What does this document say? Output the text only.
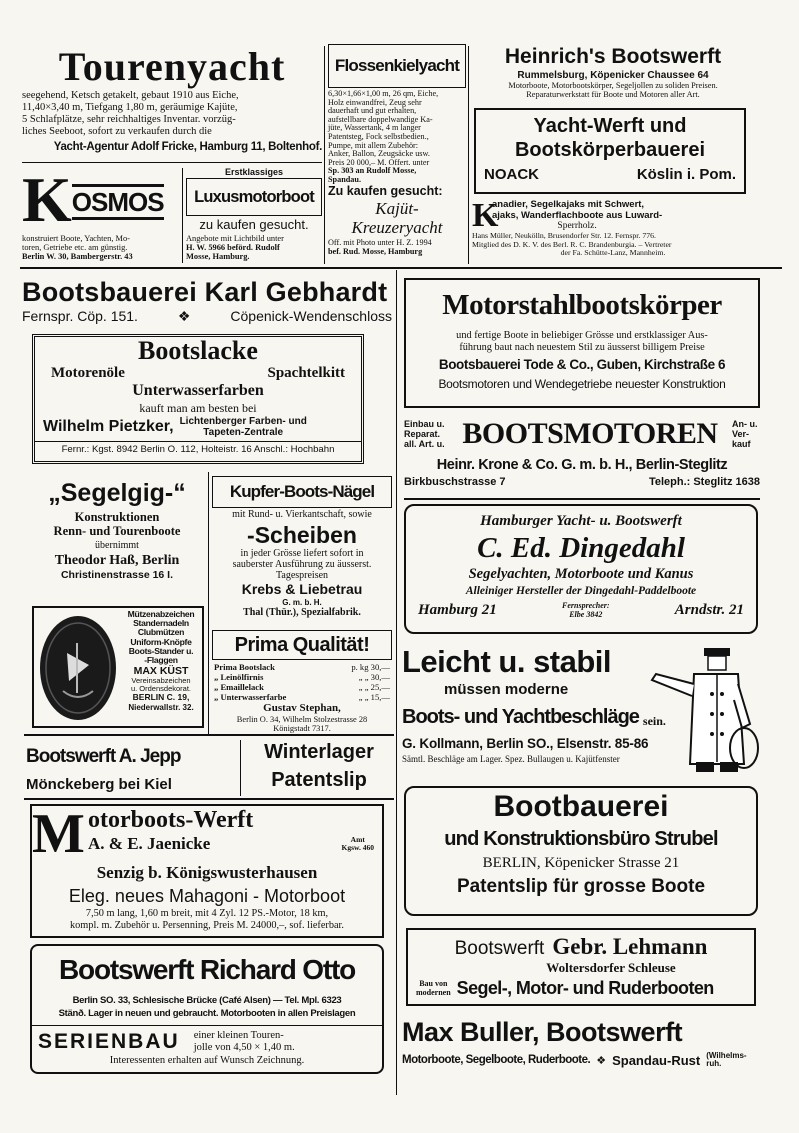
Tourenyacht
seegehend, Ketsch getakelt, gebaut 1910 aus Eiche,
11,40×3,40 m, Tiefgang 1,80 m, geräumige Kajüte,
5 Schlafplätze, sehr reichhaltiges Inventar. vorzüg-
liches Seeboot, sofort zu verkaufen durch die
Yacht-Agentur Adolf Fricke, Hamburg 11, Boltenhof.
Flossenkielyacht
6,30×1,66×1,00 m, 26 qm, Eiche,
Holz einwandfrei, Zeug sehr
dauerhaft und gut erhalten,
aufstellbare doppelwandige Ka-
jüte, Wassertank, 4 m langer
Patentsteg, Fock selbstbedien.,
Pumpe, mit allem Zubehör:
Anker, Ballon, Zeugsäcke usw.
Preis 20 000,– M. Offert. unter
Sp. 303 an Rudolf Mosse,
Spandau.
Heinrich's Bootswerft
Rummelsburg, Köpenicker Chaussee 64
Motorboote, Motorbootskörper, Segeljollen zu soliden Preisen.
Reparaturwerkstatt für Boote und Motoren aller Art.
Yacht-Werft und
Bootskörperbauerei
NOACK	Köslin i. Pom.
K OSMOS
konstruiert Boote, Yachten, Mo-
toren, Getriebe etc. am günstig.
Berlin W. 30, Bambergerstr. 43
Erstklassiges
Luxusmotorboot
zu kaufen gesucht.
Angebote mit Lichtbild unter
H. W. 5966 beförd. Rudolf
Mosse, Hamburg.
Zu kaufen gesucht:
Kajüt-
Kreuzeryacht
Off. mit Photo unter H. Z. 1994
bef. Rud. Mosse, Hamburg
K
anadier, Segelkajaks mit Schwert,
ajaks, Wanderflachboote aus Luward-
Sperrholz.
Hans Müller, Neukölln, Brusendorfer Str. 12. Fernspr. 776.
Mitglied des D. K. V. des Berl. R. C. Brandenburgia. – Vertreter
der Fa. Schütte-Lanz, Mannheim.
Bootsbauerei Karl Gebhardt
Fernspr. Cöp. 151.	❖	Cöpenick-Wendenschloss
Bootslacke
Motorenöle	Spachtelkitt
Unterwasserfarben
kauft man am besten bei
Wilhelm Pietzker, Lichtenberger Farben- und
Tapeten-Zentrale
Fernr.: Kgst. 8942 Berlin O. 112, Holteistr. 16 Anschl.: Hochbahn
Motorstahlbootskörper
und fertige Boote in beliebiger Grösse und erstklassiger Aus-
führung baut nach neuestem Stil zu äusserst billigem Preise
Bootsbauerei Tode & Co., Guben, Kirchstraße 6
Bootsmotoren und Wendegetriebe neuester Konstruktion
Einbau u.
Reparat.
all. Art. u. BOOTSMOTOREN	An- u.
Ver-
kauf
Heinr. Krone & Co. G. m. b. H., Berlin-Steglitz
Birkbuschstrasse 7	Teleph.: Steglitz 1638
„Segelgig-“
Konstruktionen
Renn- und Tourenboote
übernimmt
Theodor Haß, Berlin
Christinenstrasse 16 I.
Kupfer-Boots-Nägel
mit Rund- u. Vierkantschaft, sowie
-Scheiben
in jeder Grösse liefert sofort in
sauberster Ausführung zu äusserst.
Tagespreisen
Krebs & Liebetrau
G. m. b. H.
Thal (Thür.), Spezialfabrik.
Hamburger Yacht- u. Bootswerft
C. Ed. Dingedahl
Segelyachten, Motorboote und Kanus
Alleiniger Hersteller der Dingedahl-Paddelboote
Hamburg 21	Fernsprecher:
Elbe 3842	Arndstr. 21
Mützenabzeichen
Standernadeln
Clubmützen
Uniform-Knöpfe
Boots-Stander u.
-Flaggen
MAX KÜST
Vereinsabzeichen
u. Ordensdekorat.
BERLIN C. 19,
Niederwallstr. 32.
Prima Qualität!
Prima Bootslack	p. kg 30,—
„ Leinölfirnis	„ „ 30,—
„ Emaillelack	„ „ 25,—
„ Unterwasserfarbe	„ „ 15,—
Gustav Stephan,
Berlin O. 34, Wilhelm Stolzestrasse 28
Königstadt 7317.
Leicht u. stabil
müssen moderne
Boots- und Yachtbeschläge sein.
G. Kollmann, Berlin SO., Elsenstr. 85-86
Sämtl. Beschläge am Lager. Spez. Bullaugen u. Kajütfenster
Bootswerft A. Jepp
Mönckeberg bei Kiel
Winterlager
Patentslip
M otorboots-Werft
A. & E. Jaenicke	Amt
Kgsw. 460
Senzig b. Königswusterhausen
Eleg. neues Mahagoni - Motorboot
7,50 m lang, 1,60 m breit, mit 4 Zyl. 12 PS.-Motor, 18 km,
kompl. m. Zubehör u. Persenning, Preis M. 24000,–, sof. lieferbar.
Bootbauerei
und Konstruktionsbüro Strubel
BERLIN, Köpenicker Strasse 21
Patentslip für grosse Boote
Bootswerft Richard Otto
Berlin SO. 33, Schlesische Brücke (Café Alsen) — Tel. Mpl. 6323
Stänð. Lager in neuen und gebraucht. Motorbooten in allen Preislagen
SERIENBAU einer kleinen Touren-
jolle von 4,50 × 1,40 m.
Interessenten erhalten auf Wunsch Zeichnung.
Bootswerft Gebr. Lehmann
Woltersdorfer Schleuse
Bau von
modernen Segel-, Motor- und Ruderbooten
Max Buller, Bootswerft
Motorboote, Segelboote, Ruderboote. ❖ Spandau-Rust (Wilhelms-
ruh.
